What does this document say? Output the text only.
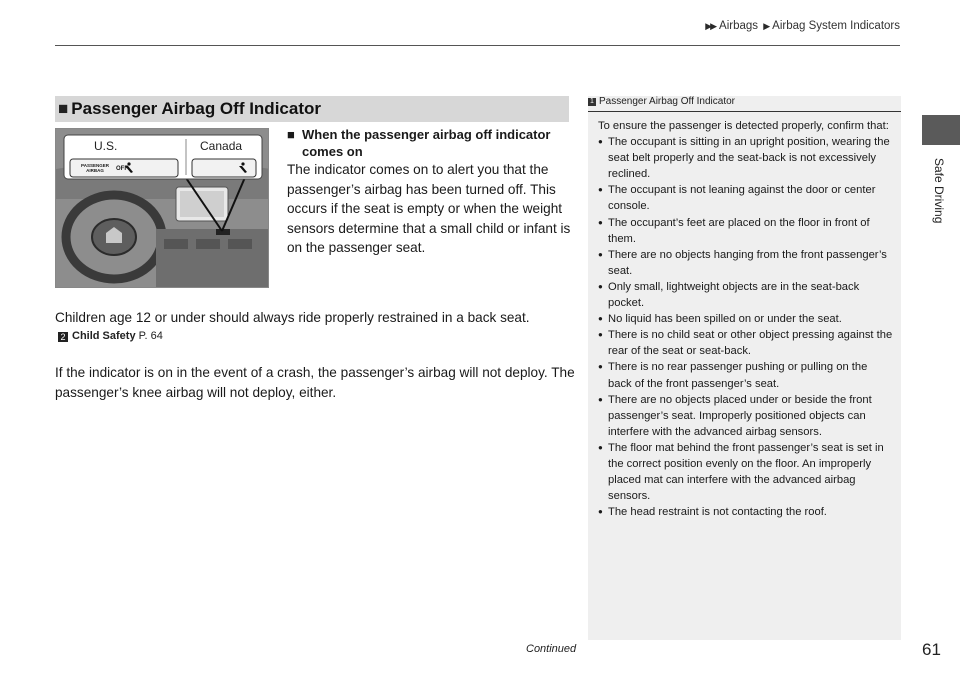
▶▶ Airbags ▶ Airbag System Indicators
Safe Driving
■ Passenger Airbag Off Indicator
U.S.	Canada
PASSENGER
AIRBAG	OFF
■ When the passenger airbag off indicator comes on
The indicator comes on to alert you that the passenger’s airbag has been turned off. This occurs if the seat is empty or when the weight sensors determine that a small child or infant is on the passenger seat.
Children age 12 or under should always ride properly restrained in a back seat.
2 Child Safety P. 64
If the indicator is on in the event of a crash, the passenger’s airbag will not deploy. The passenger’s knee airbag will not deploy, either.
1 Passenger Airbag Off Indicator

To ensure the passenger is detected properly, confirm that:

● The occupant is sitting in an upright position, wearing the seat belt properly and the seat-back is not excessively reclined.
● The occupant is not leaning against the door or center console.
● The occupant’s feet are placed on the floor in front of them.
● There are no objects hanging from the front passenger’s seat.
● Only small, lightweight objects are in the seat-back pocket.
● No liquid has been spilled on or under the seat.
● There is no child seat or other object pressing against the rear of the seat or seat-back.
● There is no rear passenger pushing or pulling on the back of the front passenger’s seat.
● There are no objects placed under or beside the front passenger’s seat. Improperly positioned objects can interfere with the advanced airbag sensors.
● The floor mat behind the front passenger’s seat is set in the correct position evenly on the floor. An improperly placed mat can interfere with the advanced airbag sensors.
● The head restraint is not contacting the roof.
Continued	61
